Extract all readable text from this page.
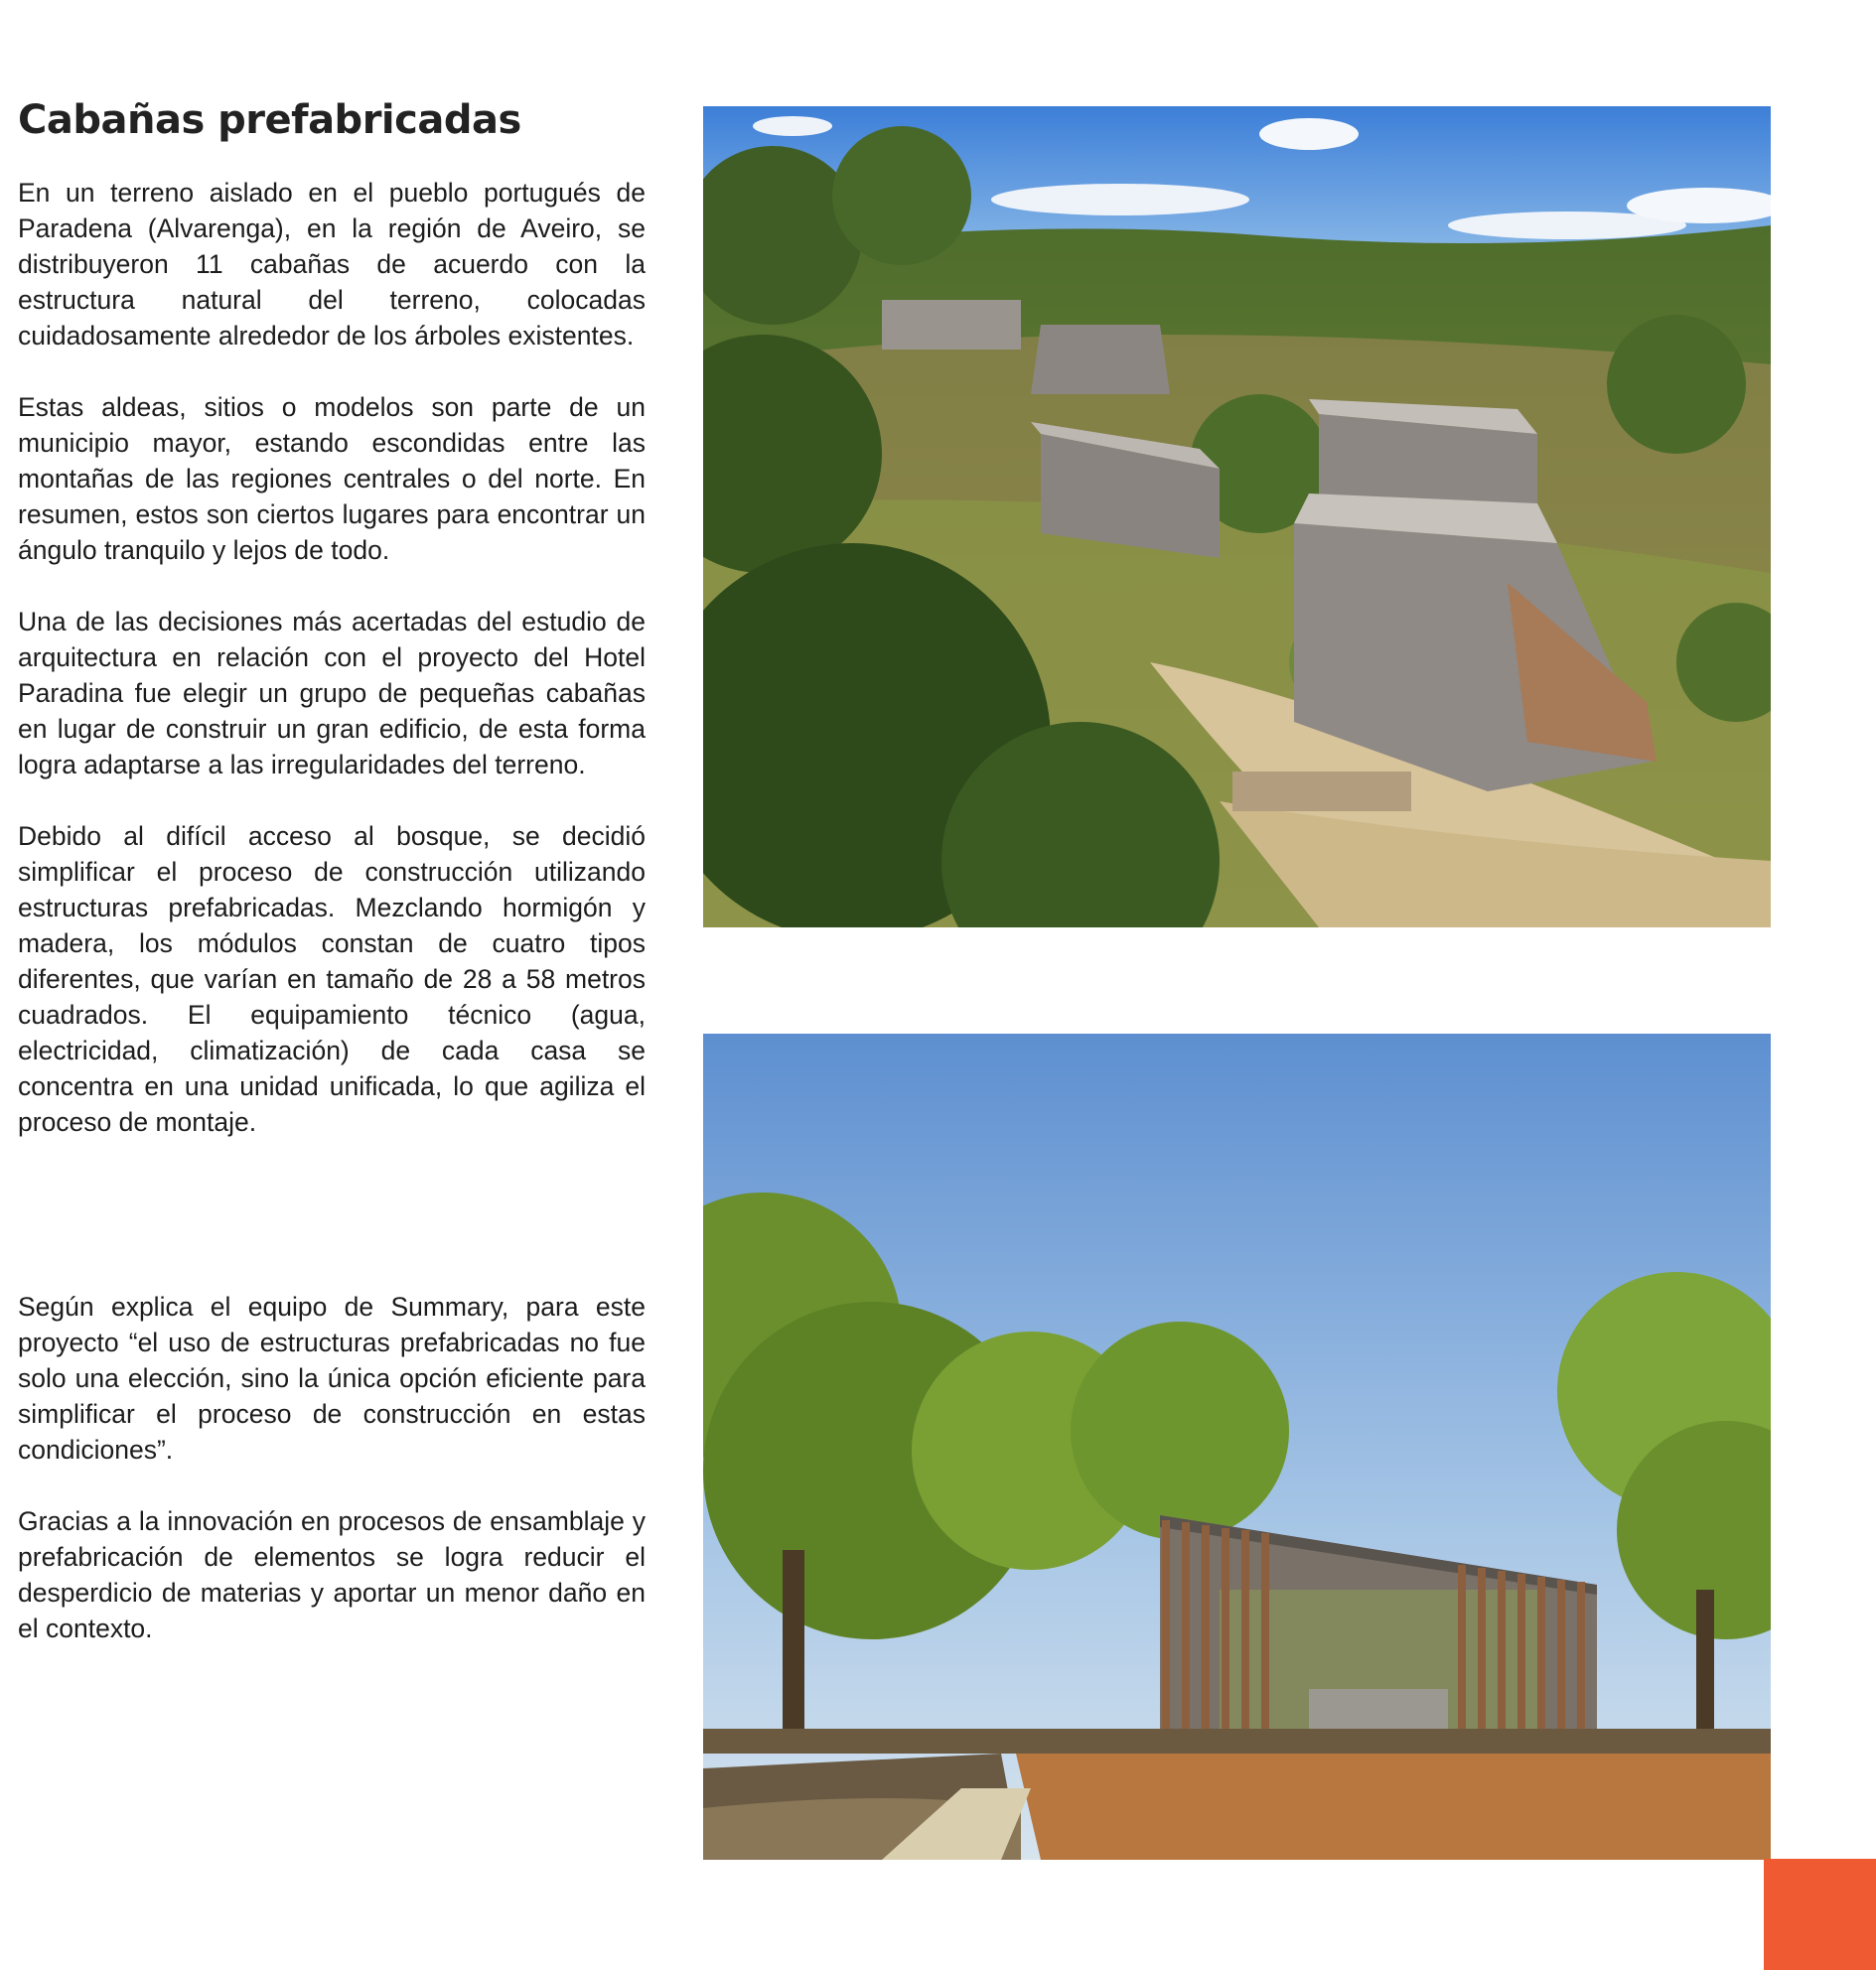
Cabañas prefabricadas

En un terreno aislado en el pueblo portugués de Paradena (Alvarenga), en la región de Aveiro, se distribuyeron 11 cabañas de acuerdo con la estructura natural del terreno, colocadas cuidadosamente alrededor de los árboles existentes.

Estas aldeas, sitios o modelos son parte de un municipio mayor, estando escondidas entre las montañas de las regiones centrales o del norte. En resumen, estos son ciertos lugares para encontrar un ángulo tranquilo y lejos de todo.

Una de las decisiones más acertadas del estudio de arquitectura en relación con el proyecto del Hotel Paradina fue elegir un grupo de pequeñas cabañas en lugar de construir un gran edificio, de esta forma logra adaptarse a las irregularidades del terreno.

Debido al difícil acceso al bosque, se decidió simplificar el proceso de construcción utilizando estructuras prefabricadas. Mezclando hormigón y madera, los módulos constan de cuatro tipos diferentes, que varían en tamaño de 28 a 58 metros cuadrados. El equipamiento técnico (agua, electricidad, climatización) de cada casa se concentra en una unidad unificada, lo que agiliza el proceso de montaje.

Según explica el equipo de Summary, para este proyecto “el uso de estructuras prefabricadas no fue solo una elección, sino la única opción eficiente para simplificar el proceso de construcción en estas condiciones”.

Gracias a la innovación en procesos de ensamblaje y prefabricación de elementos se logra reducir el desperdicio de materias y aportar un menor daño en el contexto.
